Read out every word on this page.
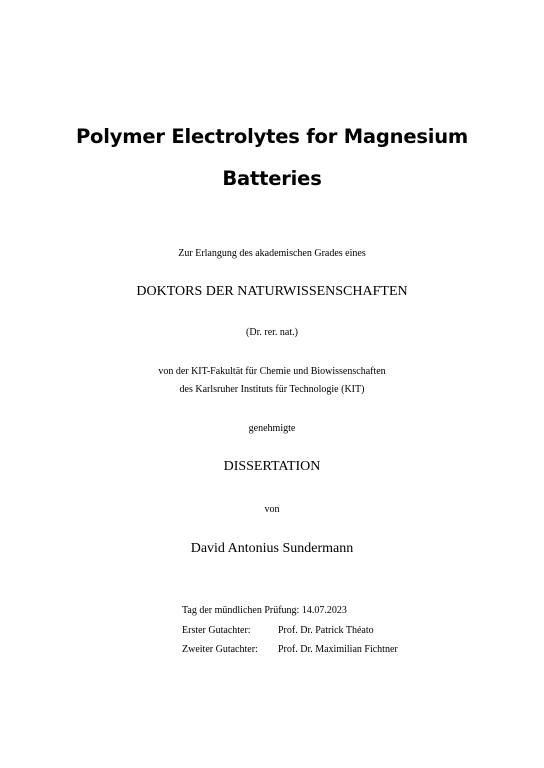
Polymer Electrolytes for Magnesium
Batteries
Zur Erlangung des akademischen Grades eines
DOKTORS DER NATURWISSENSCHAFTEN
(Dr. rer. nat.)
von der KIT-Fakultät für Chemie und Biowissenschaften
des Karlsruher Instituts für Technologie (KIT)
genehmigte
DISSERTATION
von
David Antonius Sundermann
Tag der mündlichen Prüfung: 14.07.2023
Erster Gutachter:	Prof. Dr. Patrick Théato
Zweiter Gutachter:	Prof. Dr. Maximilian Fichtner
